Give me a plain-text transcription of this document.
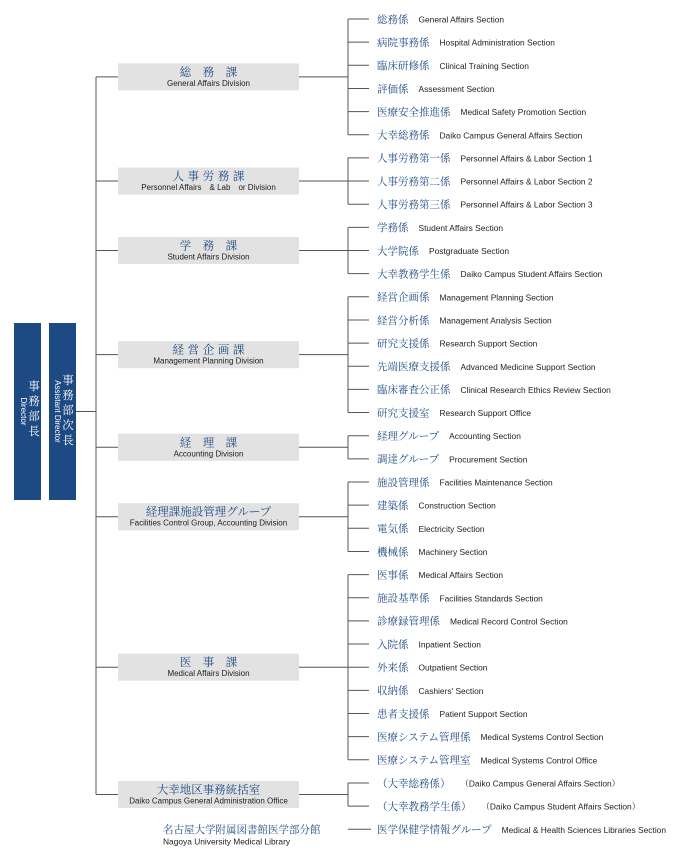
事
務
部
長
Director
事
務
部
次
長
Assistant Director
総　務　課
General Affairs Division
総務係 General Affairs Section
病院事務係 Hospital Administration Section
臨床研修係 Clinical Training Section
評価係 Assessment Section
医療安全推進係 Medical Safety Promotion Section
大幸総務係 Daiko Campus General Affairs Section
人 事 労 務 課
Personnel Affairs　& Lab　or Division
人事労務第一係 Personnel Affairs & Labor Section 1
人事労務第二係 Personnel Affairs & Labor Section 2
人事労務第三係 Personnel Affairs & Labor Section 3
学　務　課
Student Affairs Division
学務係 Student Affairs Section
大学院係 Postgraduate Section
大幸教務学生係 Daiko Campus Student Affairs Section
経 営 企 画 課
Management Planning Division
経営企画係 Management Planning Section
経営分析係 Management Analysis Section
研究支援係 Research Support Section
先端医療支援係 Advanced Medicine Support Section
臨床審査公正係 Clinical Research Ethics Review Section
研究支援室 Research Support Office
経　理　課
Accounting Division
経理グループ Accounting Section
調達グループ Procurement Section
経理課施設管理グループ
Facilities Control Group, Accounting Division
施設管理係 Facilities Maintenance Section
建築係 Construction Section
電気係 Electricity Section
機械係 Machinery Section
医　事　課
Medical Affairs Division
医事係 Medical Affairs Section
施設基準係 Facilities Standards Section
診療録管理係 Medical Record Control Section
入院係 Inpatient Section
外来係 Outpatient Section
収納係 Cashiers' Section
患者支援係 Patient Support Section
医療システム管理係 Medical Systems Control Section
医療システム管理室 Medical Systems Control Office
大幸地区事務統括室
Daiko Campus General Administration Office
（大幸総務係） （Daiko Campus General Affairs Section）
（大幸教務学生係） （Daiko Campus Student Affairs Section）
名古屋大学附属図書館医学部分館
Nagoya University Medical Library
医学保健学情報グループ Medical & Health Sciences Libraries Section
